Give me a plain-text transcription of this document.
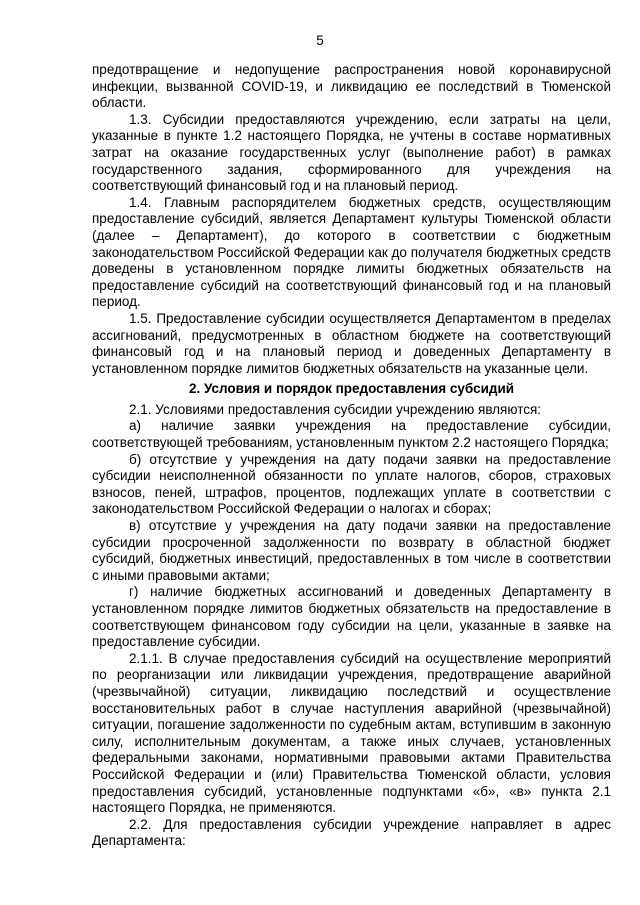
5

предотвращение и недопущение распространения новой коронавирусной инфекции, вызванной COVID-19, и ликвидацию ее последствий в Тюменской области.

1.3. Субсидии предоставляются учреждению, если затраты на цели, указанные в пункте 1.2 настоящего Порядка, не учтены в составе нормативных затрат на оказание государственных услуг (выполнение работ) в рамках государственного задания, сформированного для учреждения на соответствующий финансовый год и на плановый период.

1.4. Главным распорядителем бюджетных средств, осуществляющим предоставление субсидий, является Департамент культуры Тюменской области (далее – Департамент), до которого в соответствии с бюджетным законодательством Российской Федерации как до получателя бюджетных средств доведены в установленном порядке лимиты бюджетных обязательств на предоставление субсидий на соответствующий финансовый год и на плановый период.

1.5. Предоставление субсидии осуществляется Департаментом в пределах ассигнований, предусмотренных в областном бюджете на соответствующий финансовый год и на плановый период и доведенных Департаменту в установленном порядке лимитов бюджетных обязательств на указанные цели.

2. Условия и порядок предоставления субсидий

2.1. Условиями предоставления субсидии учреждению являются:

а) наличие заявки учреждения на предоставление субсидии, соответствующей требованиям, установленным пунктом 2.2 настоящего Порядка;

б) отсутствие у учреждения на дату подачи заявки на предоставление субсидии неисполненной обязанности по уплате налогов, сборов, страховых взносов, пеней, штрафов, процентов, подлежащих уплате в соответствии с законодательством Российской Федерации о налогах и сборах;

в) отсутствие у учреждения на дату подачи заявки на предоставление субсидии просроченной задолженности по возврату в областной бюджет субсидий, бюджетных инвестиций, предоставленных в том числе в соответствии с иными правовыми актами;

г) наличие бюджетных ассигнований и доведенных Департаменту в установленном порядке лимитов бюджетных обязательств на предоставление в соответствующем финансовом году субсидии на цели, указанные в заявке на предоставление субсидии.

2.1.1. В случае предоставления субсидий на осуществление мероприятий по реорганизации или ликвидации учреждения, предотвращение аварийной (чрезвычайной) ситуации, ликвидацию последствий и осуществление восстановительных работ в случае наступления аварийной (чрезвычайной) ситуации, погашение задолженности по судебным актам, вступившим в законную силу, исполнительным документам, а также иных случаев, установленных федеральными законами, нормативными правовыми актами Правительства Российской Федерации и (или) Правительства Тюменской области, условия предоставления субсидий, установленные подпунктами «б», «в» пункта 2.1 настоящего Порядка, не применяются.

2.2. Для предоставления субсидии учреждение направляет в адрес Департамента:
